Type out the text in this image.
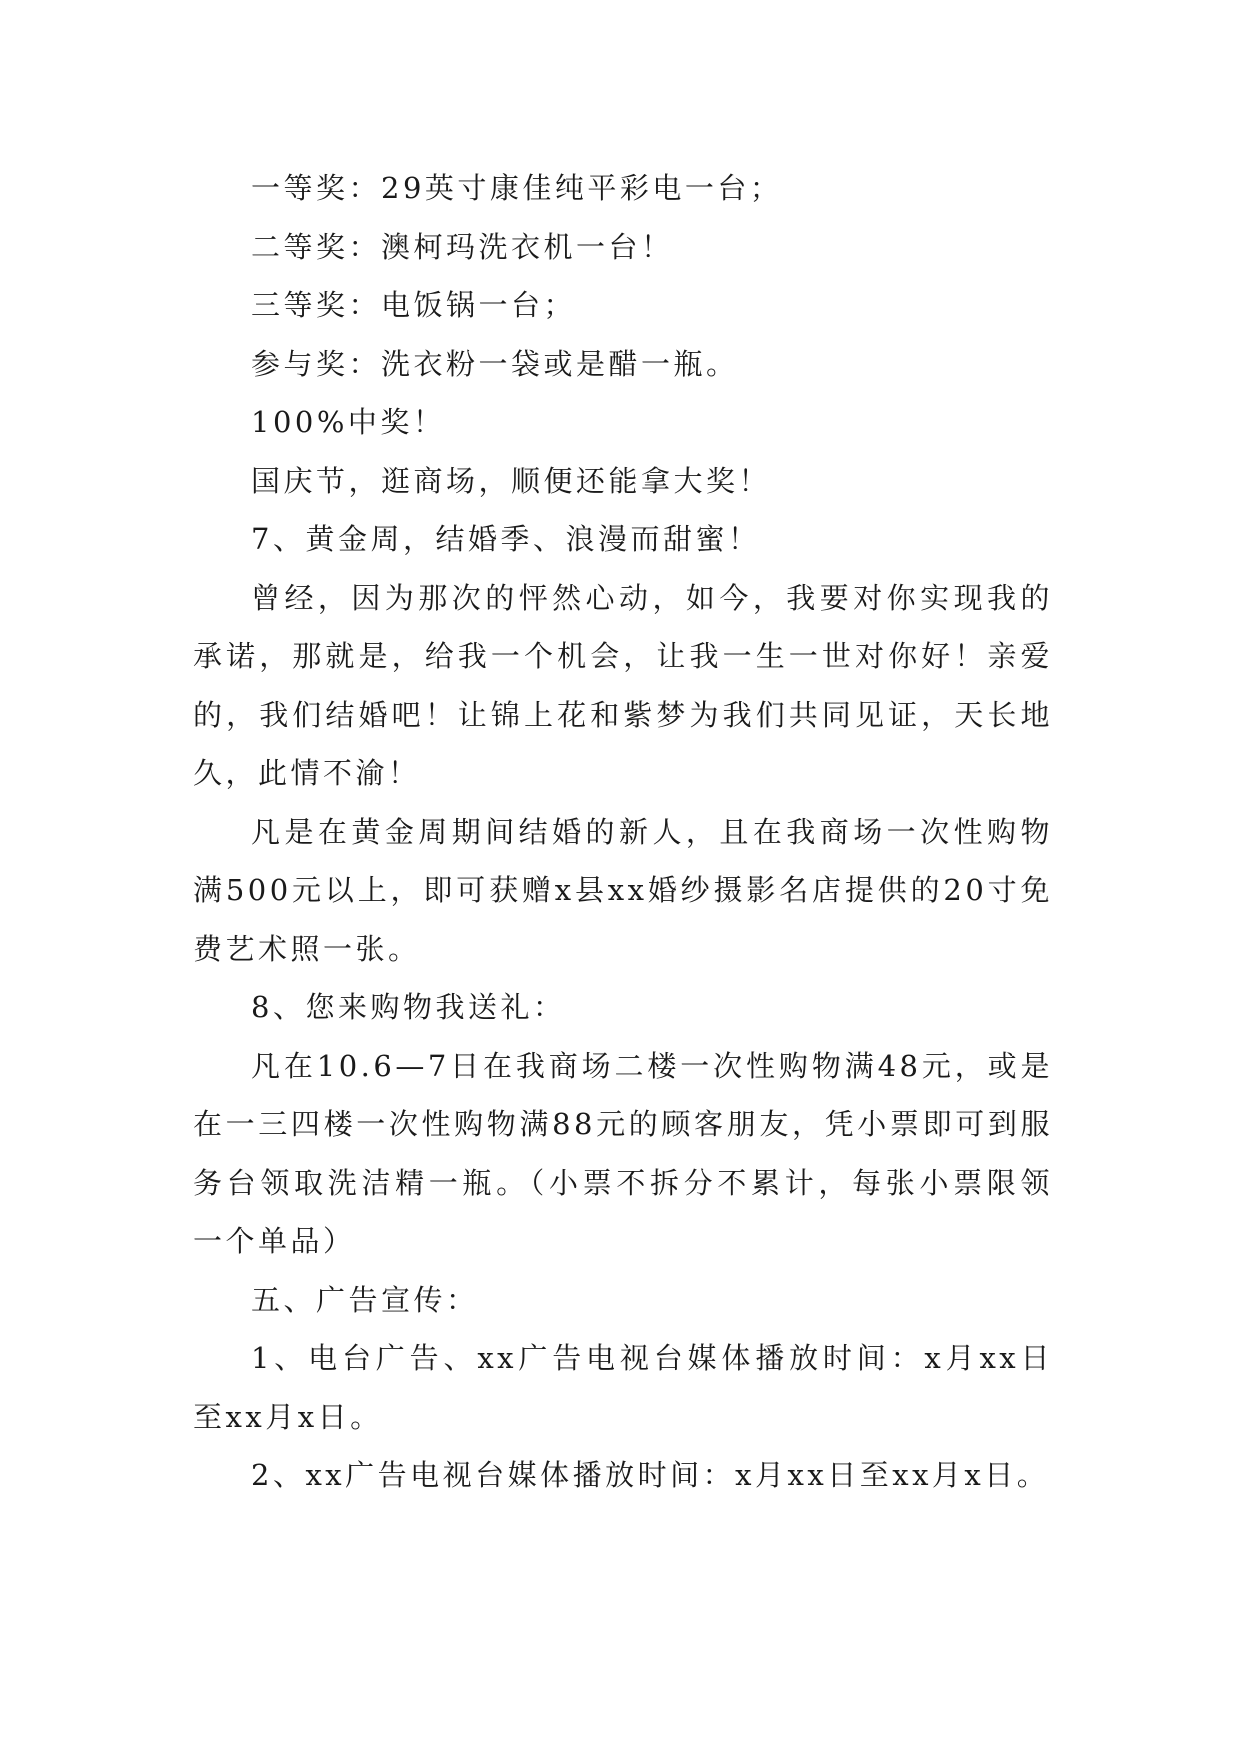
一等奖：29英寸康佳纯平彩电一台；

二等奖：澳柯玛洗衣机一台！

三等奖：电饭锅一台；

参与奖：洗衣粉一袋或是醋一瓶。

100%中奖！

国庆节，逛商场，顺便还能拿大奖！

7、黄金周，结婚季、浪漫而甜蜜！

曾经，因为那次的怦然心动，如今，我要对你实现我的承诺，那就是，给我一个机会，让我一生一世对你好！亲爱的，我们结婚吧！让锦上花和紫梦为我们共同见证，天长地久，此情不渝！

凡是在黄金周期间结婚的新人，且在我商场一次性购物满500元以上，即可获赠x县xx婚纱摄影名店提供的20寸免费艺术照一张。

8、您来购物我送礼：

凡在10.6—7日在我商场二楼一次性购物满48元，或是在一三四楼一次性购物满88元的顾客朋友，凭小票即可到服务台领取洗洁精一瓶。（小票不拆分不累计，每张小票限领一个单品）

五、广告宣传：

1、电台广告、xx广告电视台媒体播放时间：x月xx日至xx月x日。

2、xx广告电视台媒体播放时间：x月xx日至xx月x日。
